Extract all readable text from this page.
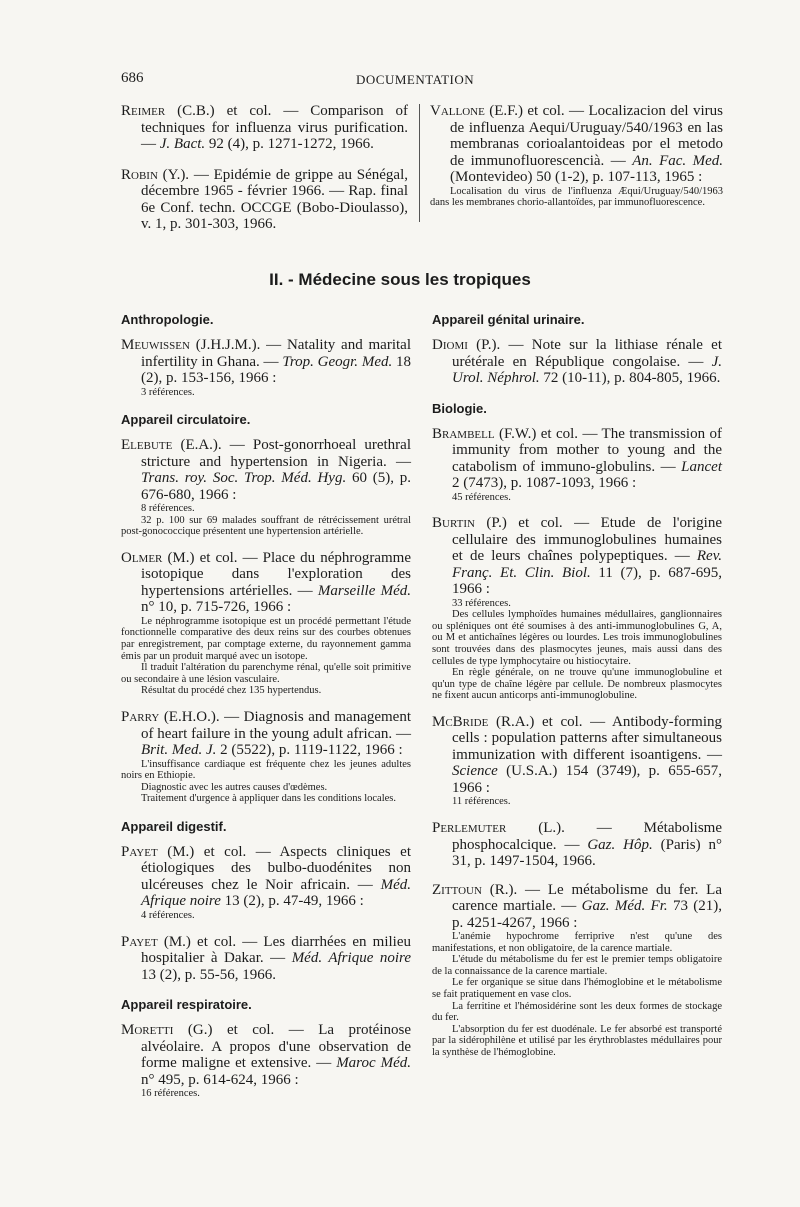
686	DOCUMENTATION

Reimer (C.B.) et col. — Comparison of techniques for influenza virus purification. — J. Bact. 92 (4), p. 1271-1272, 1966.

Robin (Y.). — Epidémie de grippe au Sénégal, décembre 1965 - février 1966. — Rap. final 6e Conf. techn. OCCGE (Bobo-Dioulasso), v. 1, p. 301-303, 1966.

Vallone (E.F.) et col. — Localizacion del virus de influenza Aequi/Uruguay/540/1963 en las membranas corioalantoideas por el metodo de immunofluorescencià. — An. Fac. Med. (Montevideo) 50 (1-2), p. 107-113, 1965 :

Localisation du virus de l'influenza Æqui/Uruguay/540/1963 dans les membranes chorio-allantoïdes, par immunofluorescence.

II. - Médecine sous les tropiques
Anthropologie.

Meuwissen (J.H.J.M.). — Natality and marital infertility in Ghana. — Trop. Geogr. Med. 18 (2), p. 153-156, 1966 :

3 références.

Appareil circulatoire.

Elebute (E.A.). — Post-gonorrhoeal urethral stricture and hypertension in Nigeria. — Trans. roy. Soc. Trop. Méd. Hyg. 60 (5), p. 676-680, 1966 :

8 références.

32 p. 100 sur 69 malades souffrant de rétrécissement urétral post-gonococcique présentent une hypertension artérielle.

Olmer (M.) et col. — Place du néphrogramme isotopique dans l'exploration des hypertensions artérielles. — Marseille Méd. n° 10, p. 715-726, 1966 :

Le néphrogramme isotopique est un procédé permettant l'étude fonctionnelle comparative des deux reins sur des courbes obtenues par enregistrement, par comptage externe, du rayonnement gamma émis par un produit marqué avec un isotope.

Il traduit l'altération du parenchyme rénal, qu'elle soit primitive ou secondaire à une lésion vasculaire.

Résultat du procédé chez 135 hypertendus.

Parry (E.H.O.). — Diagnosis and management of heart failure in the young adult african. — Brit. Med. J. 2 (5522), p. 1119-1122, 1966 :

L'insuffisance cardiaque est fréquente chez les jeunes adultes noirs en Ethiopie.

Diagnostic avec les autres causes d'œdèmes.

Traitement d'urgence à appliquer dans les conditions locales.

Appareil digestif.

Payet (M.) et col. — Aspects cliniques et étiologiques des bulbo-duodénites non ulcéreuses chez le Noir africain. — Méd. Afrique noire 13 (2), p. 47-49, 1966 :

4 références.

Payet (M.) et col. — Les diarrhées en milieu hospitalier à Dakar. — Méd. Afrique noire 13 (2), p. 55-56, 1966.

Appareil respiratoire.

Moretti (G.) et col. — La protéinose alvéolaire. A propos d'une observation de forme maligne et extensive. — Maroc Méd. n° 495, p. 614-624, 1966 :

16 références.

Appareil génital urinaire.

Diomi (P.). — Note sur la lithiase rénale et urétérale en République congolaise. — J. Urol. Néphrol. 72 (10-11), p. 804-805, 1966.

Biologie.

Brambell (F.W.) et col. — The transmission of immunity from mother to young and the catabolism of immuno-globulins. — Lancet 2 (7473), p. 1087-1093, 1966 :

45 références.

Burtin (P.) et col. — Etude de l'origine cellulaire des immunoglobulines humaines et de leurs chaînes polypeptiques. — Rev. Franç. Et. Clin. Biol. 11 (7), p. 687-695, 1966 :

33 références.

Des cellules lymphoïdes humaines médullaires, ganglionnaires ou spléniques ont été soumises à des anti-immunoglobulines G, A, ou M et antichaînes légères ou lourdes. Les trois immunoglobulines sont trouvées dans des plasmocytes jeunes, mais aussi dans des cellules de type lymphocytaire ou histiocytaire.

En règle générale, on ne trouve qu'une immunoglobuline et qu'un type de chaîne légère par cellule. De nombreux plasmocytes ne fixent aucun anticorps anti-immunoglobuline.

McBride (R.A.) et col. — Antibody-forming cells : population patterns after simultaneous immunization with different isoantigens. — Science (U.S.A.) 154 (3749), p. 655-657, 1966 :

11 références.

Perlemuter (L.). — Métabolisme phosphocalcique. — Gaz. Hôp. (Paris) n° 31, p. 1497-1504, 1966.

Zittoun (R.). — Le métabolisme du fer. La carence martiale. — Gaz. Méd. Fr. 73 (21), p. 4251-4267, 1966 :

L'anémie hypochrome ferriprive n'est qu'une des manifestations, et non obligatoire, de la carence martiale.

L'étude du métabolisme du fer est le premier temps obligatoire de la connaissance de la carence martiale.

Le fer organique se situe dans l'hémoglobine et le métabolisme se fait pratiquement en vase clos.

La ferritine et l'hémosidérine sont les deux formes de stockage du fer.

L'absorption du fer est duodénale. Le fer absorbé est transporté par la sidérophilène et utilisé par les érythroblastes médullaires pour la synthèse de l'hémoglobine.
